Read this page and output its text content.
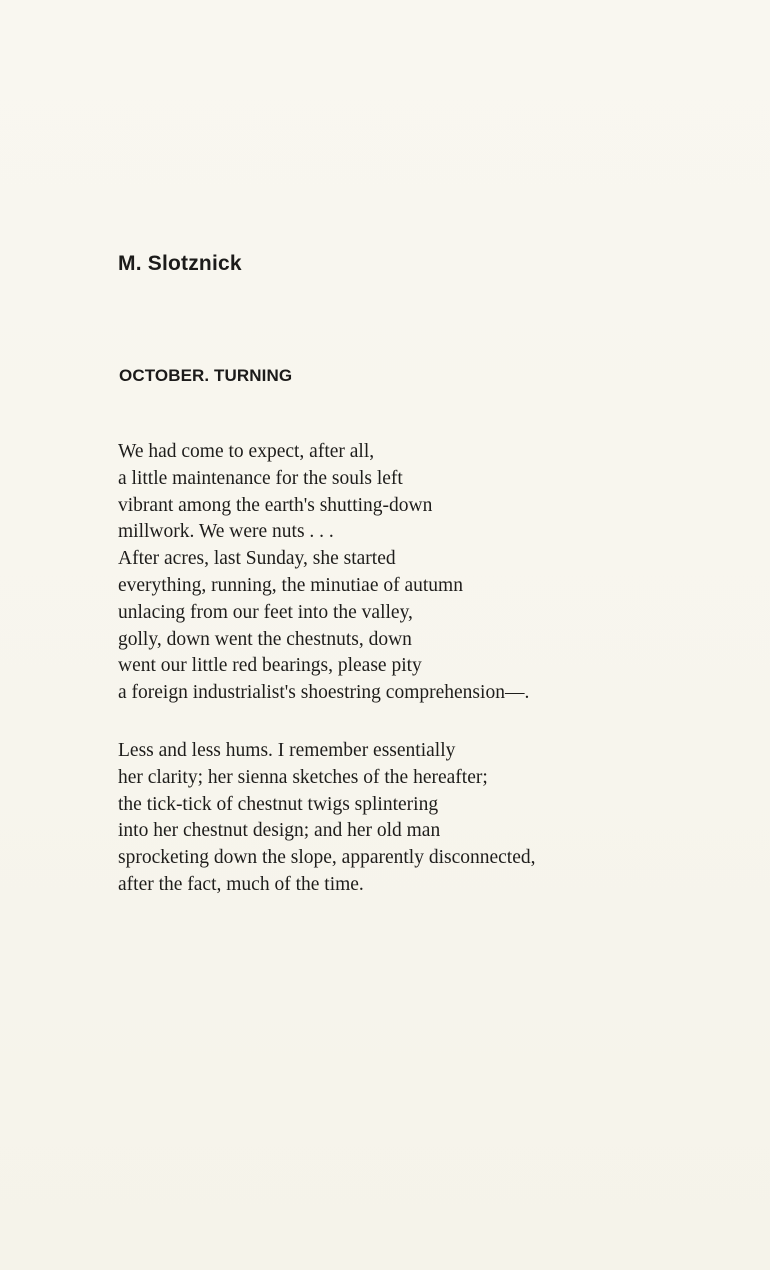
M. Slotznick
OCTOBER. TURNING
We had come to expect, after all,
a little maintenance for the souls left
vibrant among the earth's shutting-down
millwork. We were nuts . . .
After acres, last Sunday, she started
everything, running, the minutiae of autumn
unlacing from our feet into the valley,
golly, down went the chestnuts, down
went our little red bearings, please pity
a foreign industrialist's shoestring comprehension—.
Less and less hums. I remember essentially
her clarity; her sienna sketches of the hereafter;
the tick-tick of chestnut twigs splintering
into her chestnut design; and her old man
sprocketing down the slope, apparently disconnected,
after the fact, much of the time.
